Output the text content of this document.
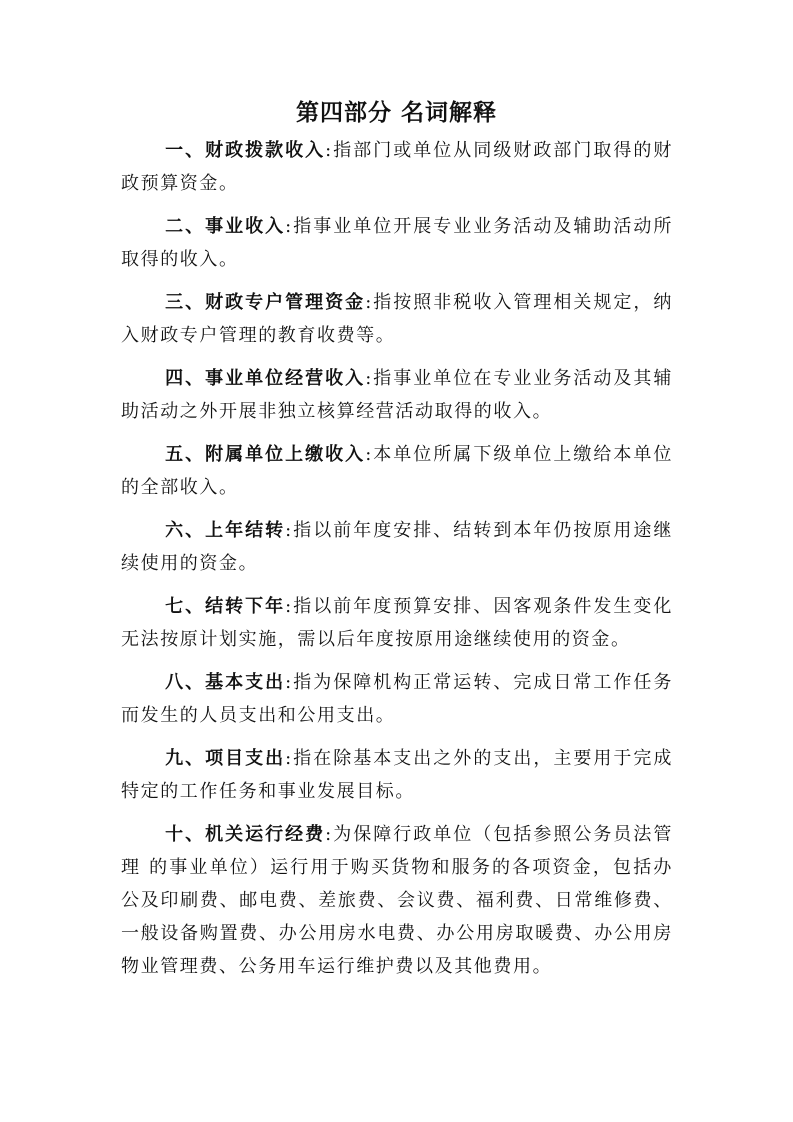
第四部分 名词解释

一、财政拨款收入:指部门或单位从同级财政部门取得的财政预算资金。

二、事业收入:指事业单位开展专业业务活动及辅助活动所 取得的收入。

三、财政专户管理资金:指按照非税收入管理相关规定，纳 入财政专户管理的教育收费等。

四、事业单位经营收入:指事业单位在专业业务活动及其辅助活动之外开展非独立核算经营活动取得的收入。

五、附属单位上缴收入:本单位所属下级单位上缴给本单位 的全部收入。

六、上年结转:指以前年度安排、结转到本年仍按原用途继 续使用的资金。

七、结转下年:指以前年度预算安排、因客观条件发生变化 无法按原计划实施，需以后年度按原用途继续使用的资金。

八、基本支出:指为保障机构正常运转、完成日常工作任务 而发生的人员支出和公用支出。

九、项目支出:指在除基本支出之外的支出，主要用于完成特定的工作任务和事业发展目标。

十、机关运行经费:为保障行政单位（包括参照公务员法管理 的事业单位）运行用于购买货物和服务的各项资金，包括办公及印刷费、邮电费、差旅费、会议费、福利费、日常维修费、一般设备购置费、办公用房水电费、办公用房取暖费、办公用房物业管理费、公务用车运行维护费以及其他费用。
